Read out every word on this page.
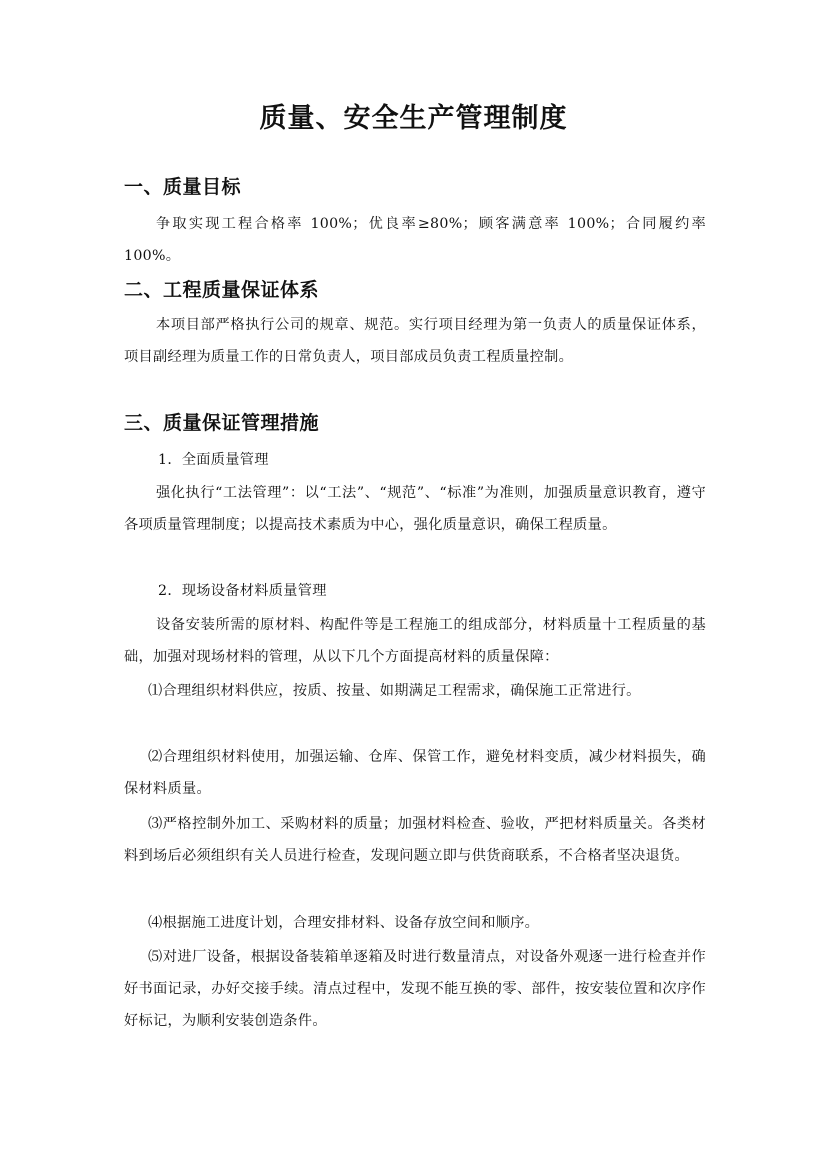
质量、安全生产管理制度
一、质量目标
争取实现工程合格率 100%；优良率≥80%；顾客满意率 100%；合同履约率 100%。
二、工程质量保证体系
本项目部严格执行公司的规章、规范。实行项目经理为第一负责人的质量保证体系，项目副经理为质量工作的日常负责人，项目部成员负责工程质量控制。
三、质量保证管理措施
1．全面质量管理
强化执行“工法管理”：以“工法”、“规范”、“标准”为准则，加强质量意识教育，遵守各项质量管理制度；以提高技术素质为中心，强化质量意识，确保工程质量。
2．现场设备材料质量管理
设备安装所需的原材料、构配件等是工程施工的组成部分，材料质量十工程质量的基础，加强对现场材料的管理，从以下几个方面提高材料的质量保障：
⑴合理组织材料供应，按质、按量、如期满足工程需求，确保施工正常进行。
⑵合理组织材料使用，加强运输、仓库、保管工作，避免材料变质，减少材料损失，确保材料质量。
⑶严格控制外加工、采购材料的质量；加强材料检查、验收，严把材料质量关。各类材料到场后必须组织有关人员进行检查，发现问题立即与供货商联系，不合格者坚决退货。
⑷根据施工进度计划，合理安排材料、设备存放空间和顺序。
⑸对进厂设备，根据设备装箱单逐箱及时进行数量清点，对设备外观逐一进行检查并作好书面记录，办好交接手续。清点过程中，发现不能互换的零、部件，按安装位置和次序作好标记，为顺利安装创造条件。
